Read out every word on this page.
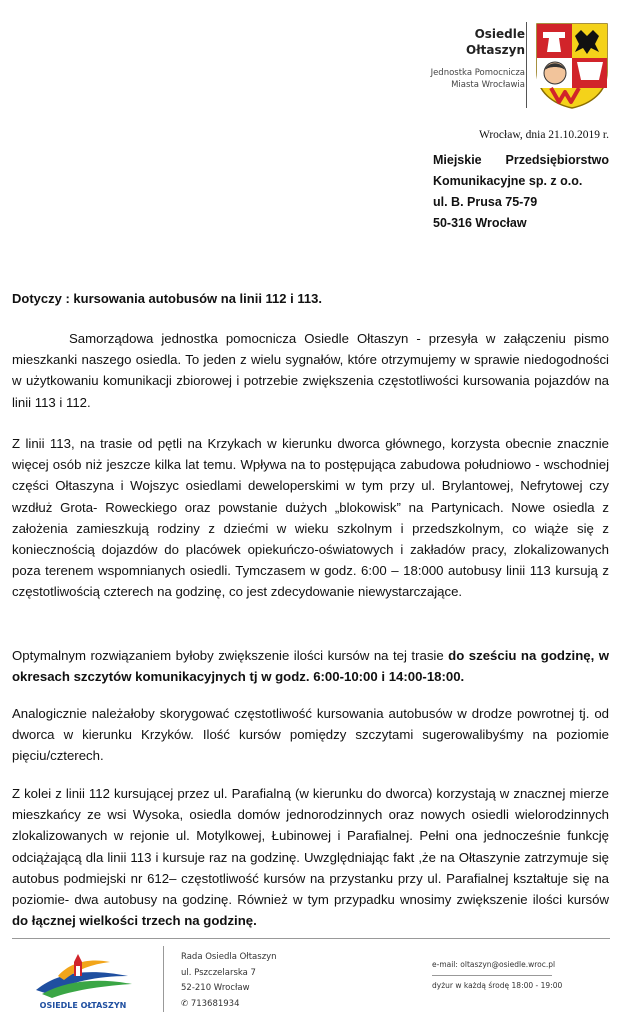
Osiedle
Ołtaszyn
Jednostka Pomocnicza
Miasta Wrocławia
Wrocław, dnia 21.10.2019 r.
Miejskie Przedsiębiorstwo
Komunikacyjne sp. z o.o.
ul. B. Prusa 75-79
50-316 Wrocław
Dotyczy : kursowania autobusów na linii 112 i 113.
Samorządowa jednostka pomocnicza Osiedle Ołtaszyn - przesyła w załączeniu pismo mieszkanki naszego osiedla. To jeden z wielu sygnałów, które otrzymujemy w sprawie niedogodności w użytkowaniu komunikacji zbiorowej i potrzebie zwiększenia częstotliwości kursowania pojazdów na linii 113 i 112.
Z linii 113, na trasie od pętli na Krzykach w kierunku dworca głównego, korzysta obecnie znacznie więcej osób niż jeszcze kilka lat temu. Wpływa na to postępująca zabudowa południowo - wschodniej części Ołtaszyna i Wojszyc osiedlami deweloperskimi w tym przy ul. Brylantowej, Nefrytowej czy wzdłuż Grota- Roweckiego oraz powstanie dużych „blokowisk” na Partynicach. Nowe osiedla z założenia zamieszkują rodziny z dziećmi w wieku szkolnym i przedszkolnym, co wiąże się z koniecznością dojazdów do placówek opiekuńczo-oświatowych i zakładów pracy, zlokalizowanych poza terenem wspomnianych osiedli. Tymczasem w godz. 6:00 – 18:000 autobusy linii 113 kursują z częstotliwością czterech na godzinę, co jest zdecydowanie niewystarczające.
Optymalnym rozwiązaniem byłoby zwiększenie ilości kursów na tej trasie do sześciu na godzinę, w okresach szczytów komunikacyjnych tj w godz. 6:00-10:00 i 14:00-18:00.
Analogicznie należałoby skorygować częstotliwość kursowania autobusów w drodze powrotnej tj. od dworca w kierunku Krzyków. Ilość kursów pomiędzy szczytami sugerowalibyśmy na poziomie pięciu/czterech.
Z kolei z linii 112 kursującej przez ul. Parafialną (w kierunku do dworca) korzystają w znacznej mierze mieszkańcy ze wsi Wysoka, osiedla domów jednorodzinnych oraz nowych osiedli wielorodzinnych zlokalizowanych w rejonie ul. Motylkowej, Łubinowej i Parafialnej. Pełni ona jednocześnie funkcję odciążającą dla linii 113 i kursuje raz na godzinę. Uwzględniając fakt ,że na Ołtaszynie zatrzymuje się autobus podmiejski nr 612– częstotliwość kursów na przystanku przy ul. Parafialnej kształtuje się na poziomie- dwa autobusy na godzinę. Również w tym przypadku wnosimy zwiększenie ilości kursów do łącznej wielkości trzech na godzinę.
OSIEDLE OŁTASZYN
Rada Osiedla Ołtaszyn
ul. Pszczelarska 7
52-210 Wrocław
✆ 713681934
e-mail: oltaszyn@osiedle.wroc.pl
dyżur w każdą środę 18:00 - 19:00
